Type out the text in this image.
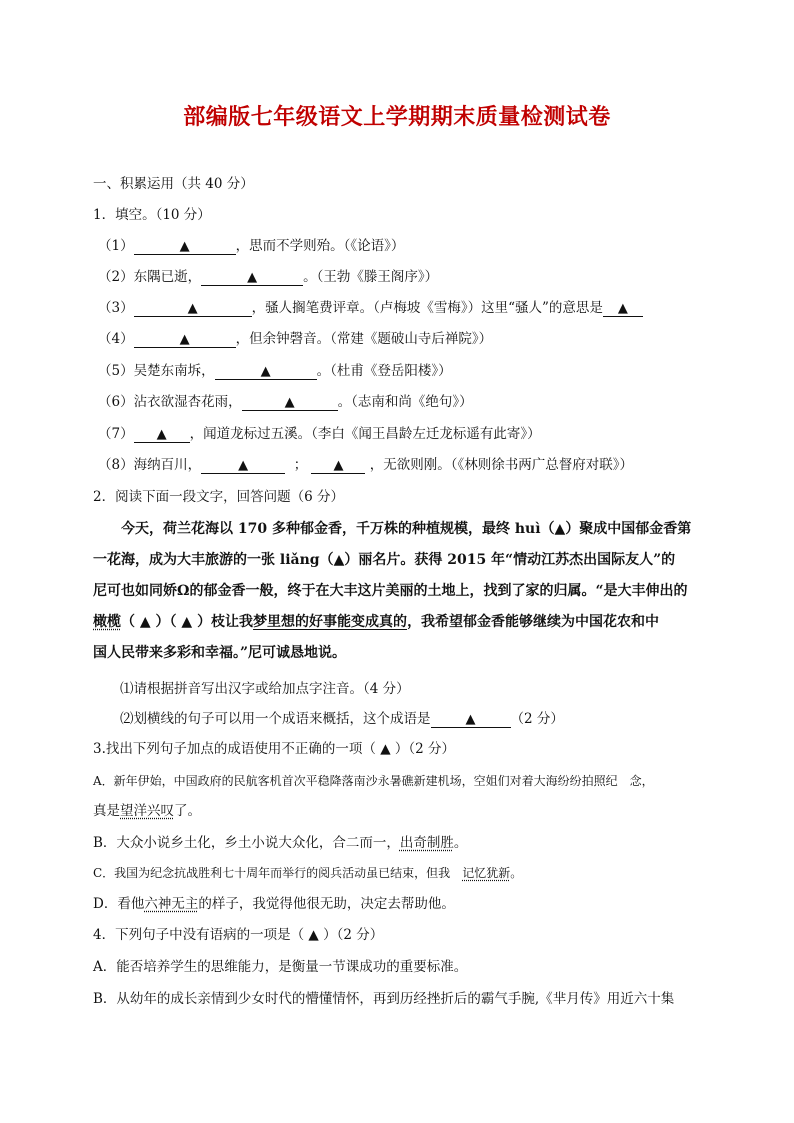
部编版七年级语文上学期期末质量检测试卷
一、积累运用（共 40 分）
1．填空。（10 分）
（1）	▲	，思而不学则殆。（《论语》）
（2）东隅已逝，	▲	。（王勃《滕王阁序》）
（3）	▲	，骚人搁笔费评章。（卢梅坡《雪梅》）这里“骚人”的意思是 ▲
（4）	▲	，但余钟磬音。（常建《题破山寺后禅院》）
（5）吴楚东南坼，	▲	。（杜甫《登岳阳楼》）
（6）沾衣欲湿杏花雨，	▲	。（志南和尚《绝句》）
（7） ▲ ，闻道龙标过五溪。（李白《闻王昌龄左迁龙标遥有此寄》）
（8）海纳百川，	▲	； ▲ ，无欲则刚。（《林则徐书两广总督府对联》）
2．阅读下面一段文字，回答问题（6 分）
今天，荷兰花海以 170 多种郁金香，千万株的种植规模，最终 huì（▲）聚成中国郁金香第
一花海，成为大丰旅游的一张 liǎng（▲）丽名片。获得 2015 年“情动江苏杰出国际友人”的
尼可也如同娇Ω的郁金香一般，终于在大丰这片美丽的土地上，找到了家的归属。“是大丰伸出的
橄榄（ ▲ ）（ ▲ ）枝让我梦里想的好事能变成真的，我希望郁金香能够继续为中国花农和中
国人民带来多彩和幸福。”尼可诚恳地说。
⑴请根据拼音写出汉字或给加点字注音。（4 分）
⑵划横线的句子可以用一个成语来概括，这个成语是	▲	（2 分）
3.找出下列句子加点的成语使用不正确的一项（ ▲ ）（2 分）
A．新年伊始，中国政府的民航客机首次平稳降落南沙永暑礁新建机场，空姐们对着大海纷纷拍照纪　念，
真是望洋兴叹了。
B．大众小说乡土化，乡土小说大众化，合二而一，出奇制胜。
C．我国为纪念抗战胜利七十周年而举行的阅兵活动虽已结束，但我　记忆犹新。
D．看他六神无主的样子，我觉得他很无助，决定去帮助他。
4．下列句子中没有语病的一项是（ ▲ ）（2 分）
A．能否培养学生的思维能力，是衡量一节课成功的重要标准。
B．从幼年的成长亲情到少女时代的懵懂情怀，再到历经挫折后的霸气手腕,《芈月传》用近六十集
